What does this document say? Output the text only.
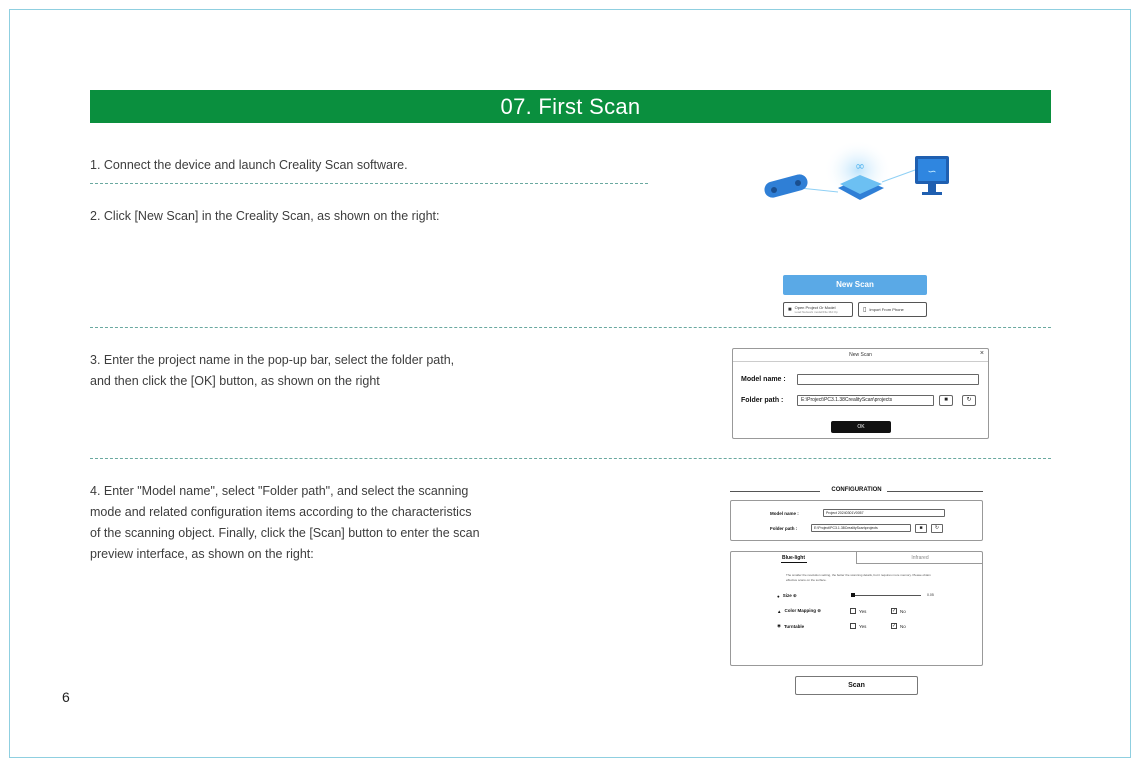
07. First Scan
1. Connect the device and launch Creality Scan software.
2. Click [New Scan] in the Creality Scan, as shown on the right:
3. Enter the project name in the pop-up bar, select the folder path,
and then click the [OK] button, as shown on the right
4. Enter "Model name", select "Folder path", and select the scanning
mode and related configuration items according to the characteristics
of the scanning object. Finally, click the [Scan] button to enter the scan
preview interface, as shown on the right:
∞	∽
New Scan
■ Open Project Or Model
Load Network model/File Md Op	▯ Import From Phone
New Scan	×
Model name :
Folder path :	E:\Project\PC3.1.38CrealityScan\projects	■	↻
OK
CONFIGURATION
Model name :	Project 20240301V0057
Folder path :	E:\Project\PC3.1.38CrealityScan\projects	■	↻
Blue-light	Infrared
The smaller the resolution setting, the better the scanning details, but it requires more memory. Please obtain effective scans on the surface.
● Size ⊕	0.05
▲ Color Mapping ⊕	Yes	✓ No
◉ Turntable	Yes	✓ No
Scan
6
